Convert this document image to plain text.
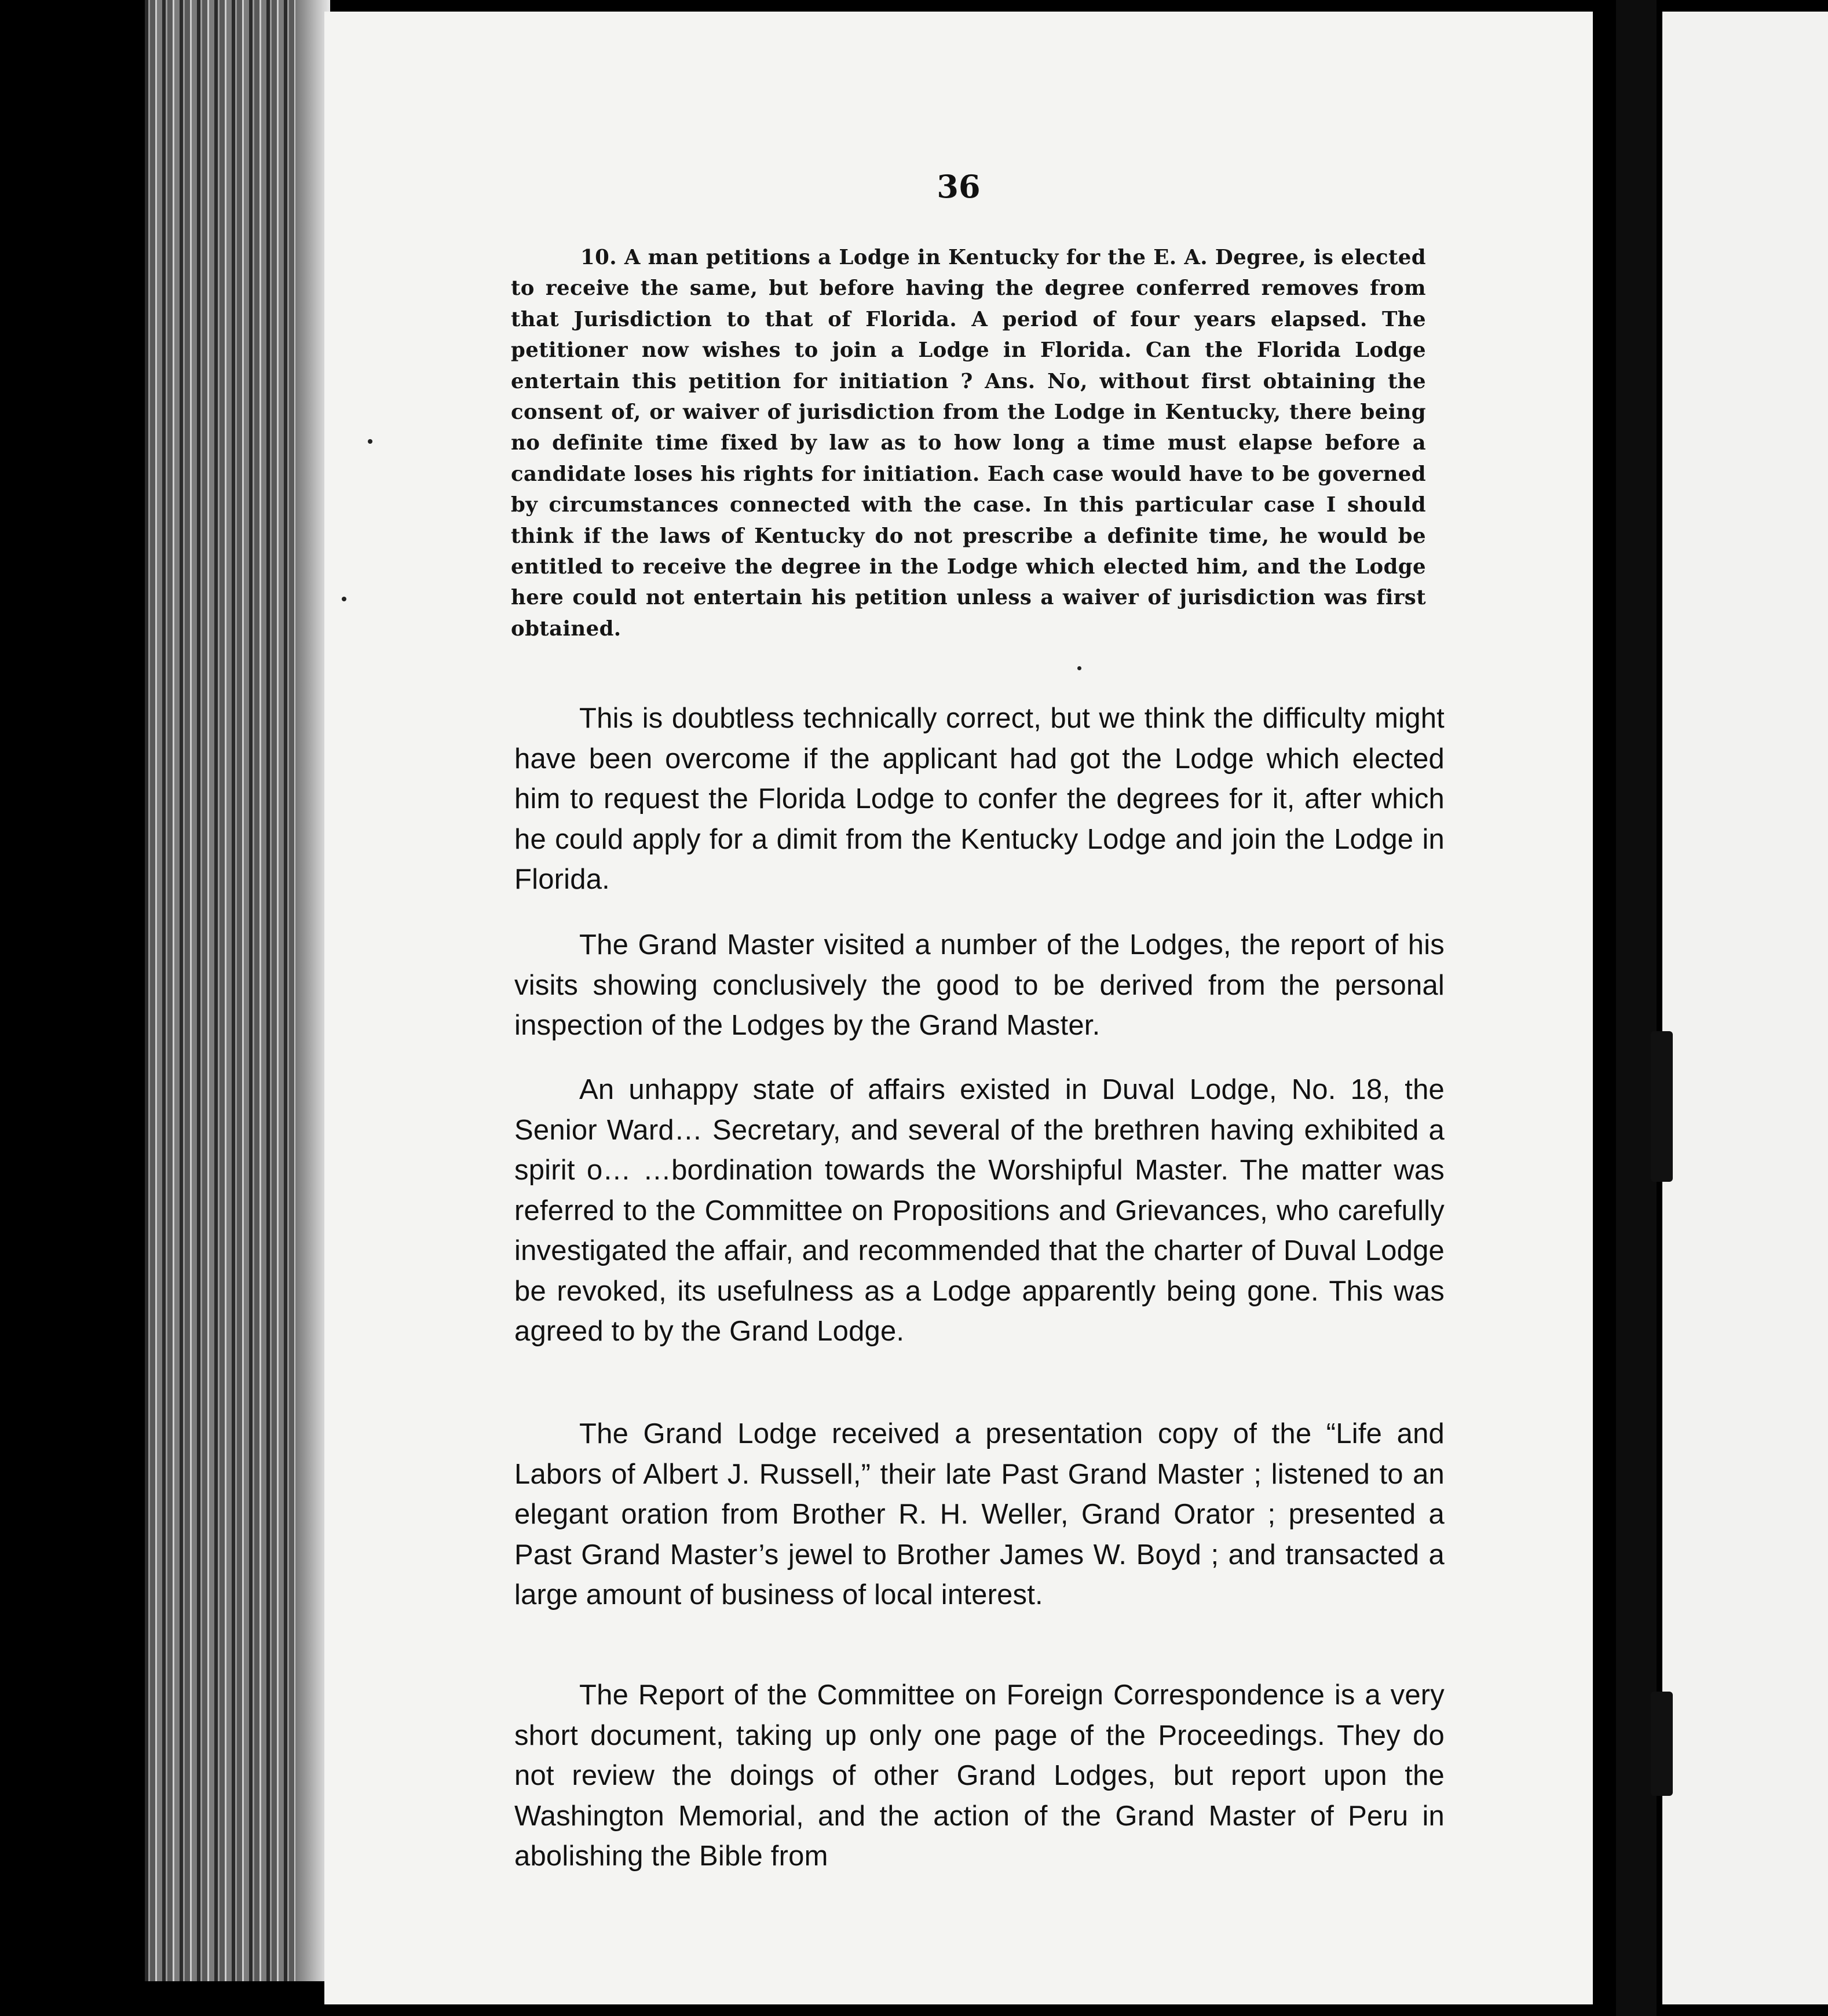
36
10. A man petitions a Lodge in Kentucky for the E. A. Degree, is elected to receive the same, but before having the degree conferred removes from that Jurisdiction to that of Florida. A period of four years elapsed. The petitioner now wishes to join a Lodge in Florida. Can the Florida Lodge entertain this petition for initiation ? Ans. No, without first obtaining the consent of, or waiver of jurisdiction from the Lodge in Kentucky, there being no definite time fixed by law as to how long a time must elapse before a candidate loses his rights for initiation. Each case would have to be governed by circumstances connected with the case. In this particular case I should think if the laws of Kentucky do not prescribe a definite time, he would be entitled to receive the degree in the Lodge which elected him, and the Lodge here could not entertain his petition unless a waiver of jurisdiction was first obtained.

This is doubtless technically correct, but we think the difficulty might have been overcome if the applicant had got the Lodge which elected him to request the Florida Lodge to confer the degrees for it, after which he could apply for a dimit from the Kentucky Lodge and join the Lodge in Florida.

The Grand Master visited a number of the Lodges, the report of his visits showing conclusively the good to be derived from the personal inspection of the Lodges by the Grand Master.

An unhappy state of affairs existed in Duval Lodge, No. 18, the Senior Ward… Secretary, and several of the brethren having exhibited a spirit o… …bordination towards the Worshipful Master. The matter was referred to the Committee on Propositions and Grievances, who carefully investigated the affair, and recommended that the charter of Duval Lodge be revoked, its usefulness as a Lodge apparently being gone. This was agreed to by the Grand Lodge.

The Grand Lodge received a presentation copy of the “Life and Labors of Albert J. Russell,” their late Past Grand Master ; listened to an elegant oration from Brother R. H. Weller, Grand Orator ; presented a Past Grand Master’s jewel to Brother James W. Boyd ; and transacted a large amount of business of local interest.

The Report of the Committee on Foreign Correspondence is a very short document, taking up only one page of the Proceedings. They do not review the doings of other Grand Lodges, but report upon the Washington Memorial, and the action of the Grand Master of Peru in abolishing the Bible from
